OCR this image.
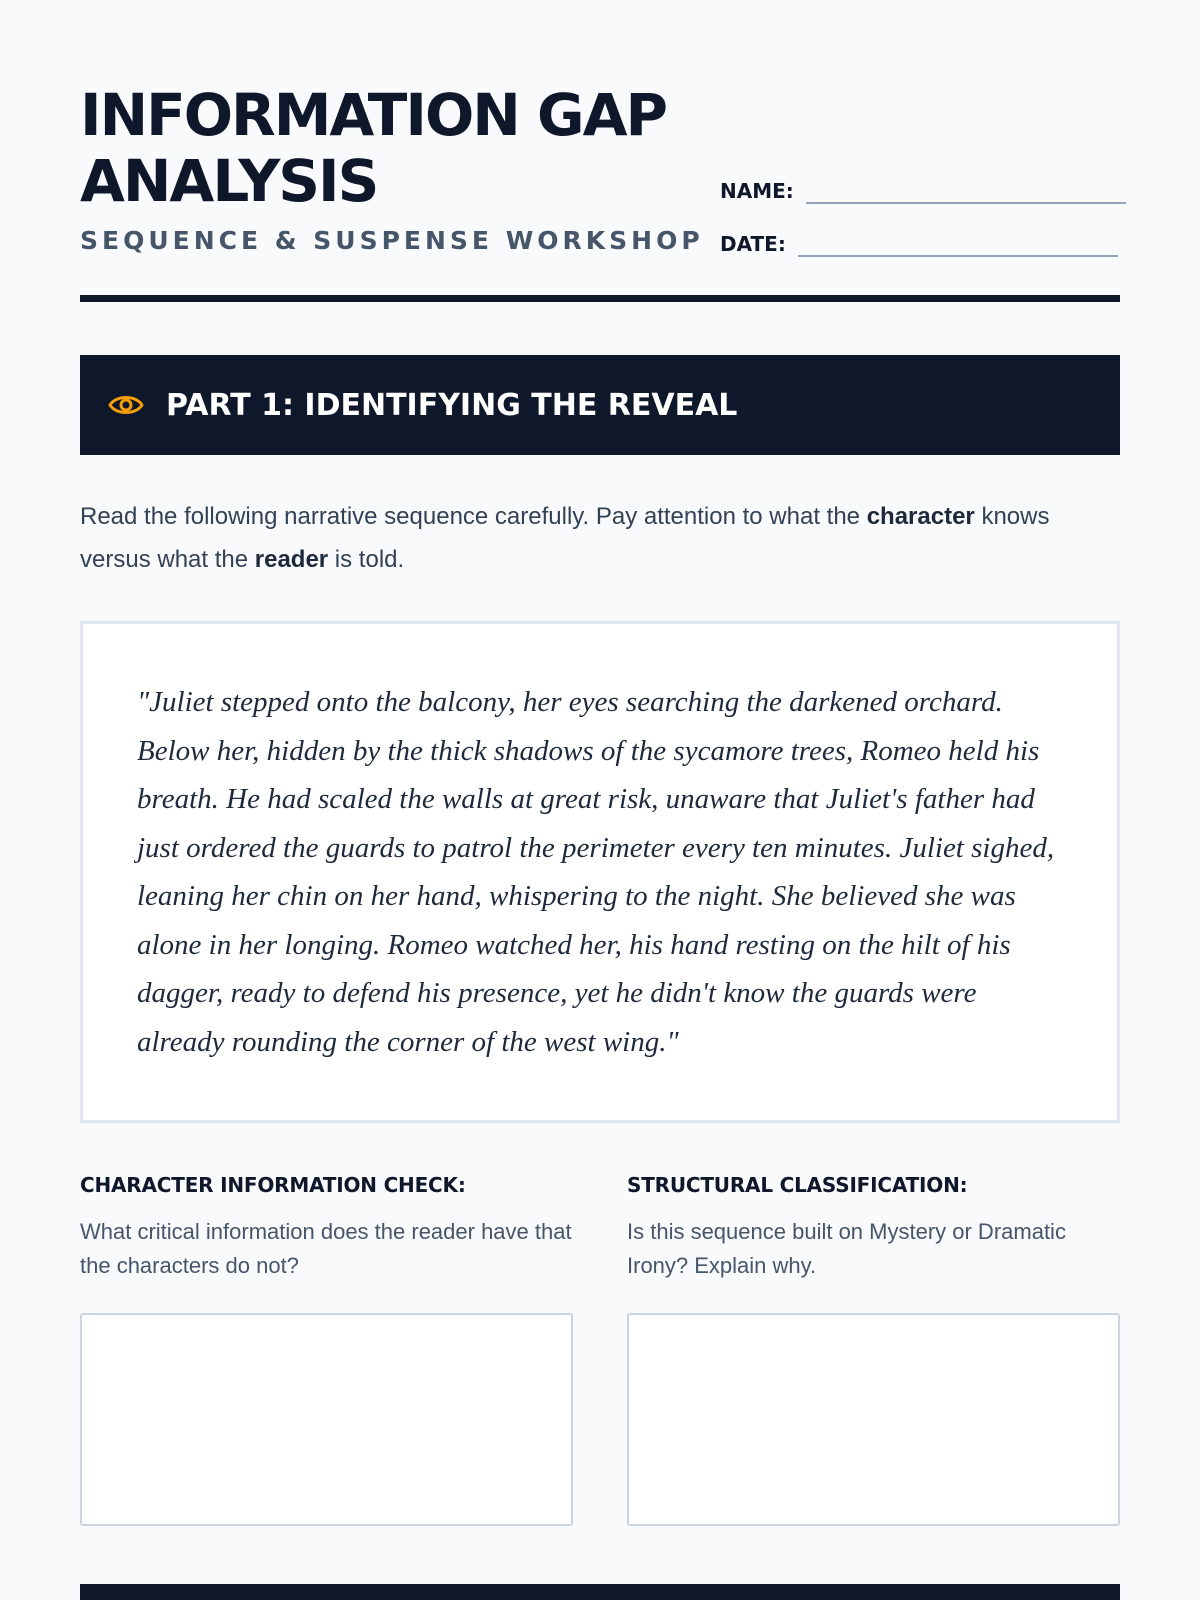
INFORMATION GAP ANALYSIS
SEQUENCE & SUSPENSE WORKSHOP
NAME:
DATE:
PART 1: IDENTIFYING THE REVEAL

Read the following narrative sequence carefully. Pay attention to what the character knows versus what the reader is told.

"Juliet stepped onto the balcony, her eyes searching the darkened orchard. Below her, hidden by the thick shadows of the sycamore trees, Romeo held his breath. He had scaled the walls at great risk, unaware that Juliet's father had just ordered the guards to patrol the perimeter every ten minutes. Juliet sighed, leaning her chin on her hand, whispering to the night. She believed she was alone in her longing. Romeo watched her, his hand resting on the hilt of his dagger, ready to defend his presence, yet he didn't know the guards were already rounding the corner of the west wing."

CHARACTER INFORMATION CHECK:
What critical information does the reader have that the characters do not?
STRUCTURAL CLASSIFICATION:
Is this sequence built on Mystery or Dramatic Irony? Explain why.
